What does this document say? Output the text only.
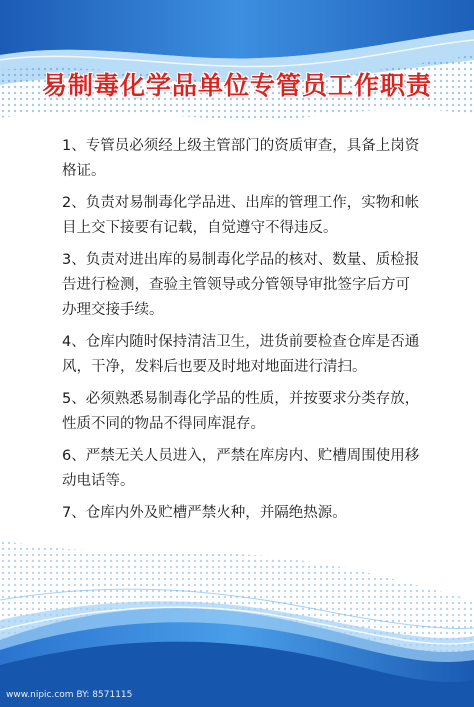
易制毒化学品单位专管员工作职责
1、专管员必须经上级主管部门的资质审查，具备上岗资格证。
2、负责对易制毒化学品进、出库的管理工作，实物和帐目上交下接要有记载，自觉遵守不得违反。
3、负责对进出库的易制毒化学品的核对、数量、质检报告进行检测，查验主管领导或分管领导审批签字后方可办理交接手续。
4、仓库内随时保持清洁卫生，进货前要检查仓库是否通风，干净，发料后也要及时地对地面进行清扫。
5、必须熟悉易制毒化学品的性质，并按要求分类存放，性质不同的物品不得同库混存。
6、严禁无关人员进入，严禁在库房内、贮槽周围使用移动电话等。
7、仓库内外及贮槽严禁火种，并隔绝热源。
www.nipic.com BY: 8571115
